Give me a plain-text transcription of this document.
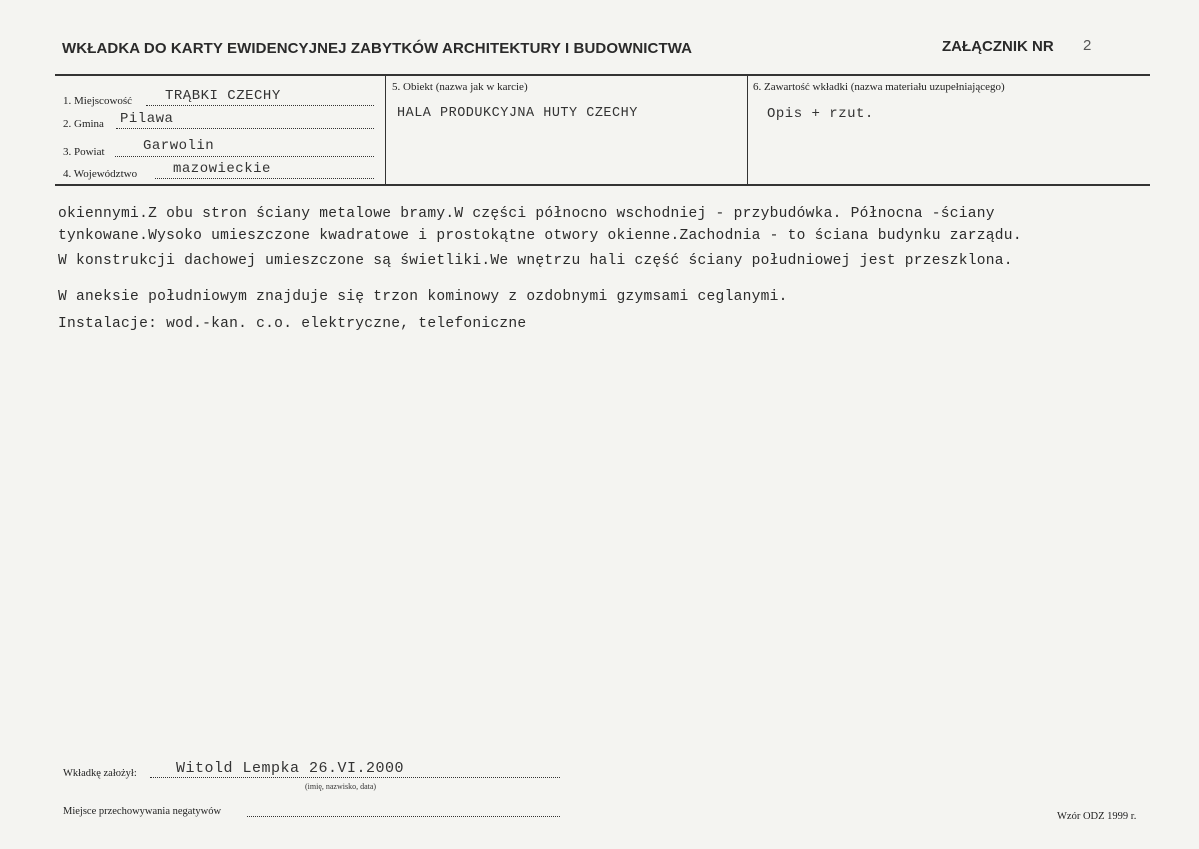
WKŁADKA DO KARTY EWIDENCYJNEJ ZABYTKÓW ARCHITEKTURY I BUDOWNICTWA	ZAŁĄCZNIK NR 2
1. Miejscowość TRĄBKI CZECHY
2. Gmina Pilawa
3. Powiat	Garwolin
4. Województwo	mazowieckie
5. Obiekt (nazwa jak w karcie)
HALA PRODUKCYJNA HUTY CZECHY
6. Zawartość wkładki (nazwa materiału uzupełniającego)
Opis + rzut.
okiennymi.Z obu stron ściany metalowe bramy.W części północno wschodniej - przybudówka. Północna -ściany
tynkowane.Wysoko umieszczone kwadratowe i prostokątne otwory okienne.Zachodnia - to ściana budynku zarządu.
W konstrukcji dachowej umieszczone są świetliki.We wnętrzu hali część ściany południowej jest przeszklona.
W aneksie południowym znajduje się trzon kominowy z ozdobnymi gzymsami ceglanymi.
Instalacje: wod.-kan. c.o. elektryczne, telefoniczne
Wkładkę założył:	Witold Lempka 26.VI.2000
(imię, nazwisko, data)
Miejsce przechowywania negatywów	Wzór ODZ 1999 r.
